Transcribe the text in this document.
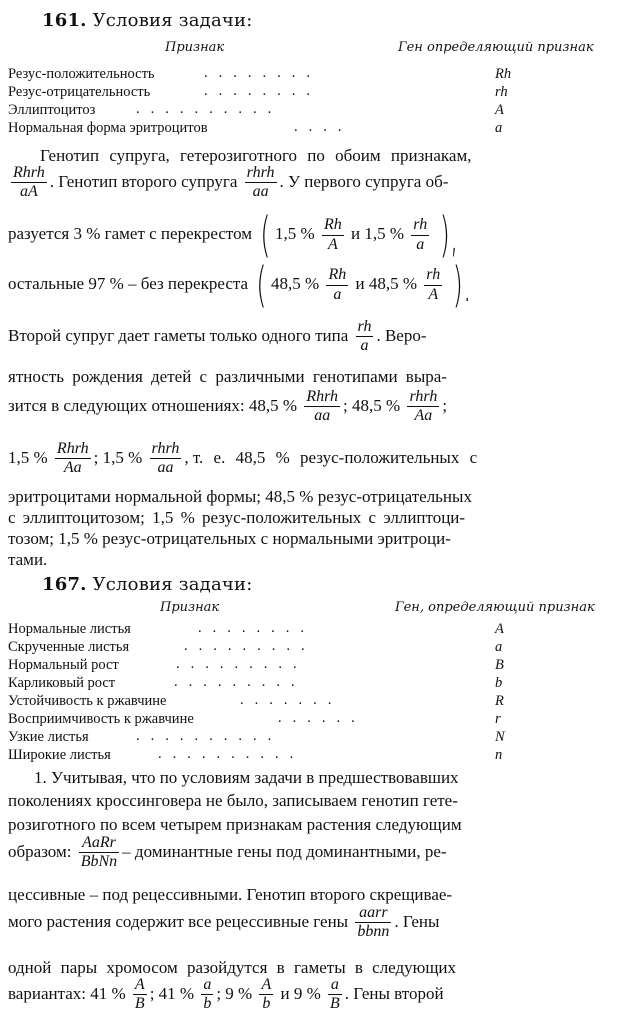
161. Условия задачи:
Признак	Ген определяющий признак
Резус-положительность	........	Rh
Резус-отрицательность	........	rh
Эллиптоцитоз	..........	A
Нормальная форма эритроцитов	....	a
Генотип супруга, гетерозиготного по обоим признакам,
Rhrh
aA
. Генотип второго супруга rhrh
aa
. У первого супруга об-
разуется 3 % гамет с перекрестом ( 1,5 % $\frac{Rh}{A}$ и 1,5 % $\frac{rh}{a}$ ),
остальные 97 % – без перекреста ( 48,5 % $\frac{Rh}{a}$ и 48,5 % $\frac{rh}{A}$ ).
Второй супруг дает гаметы только одного типа $\frac{rh}{a}$ . Веро-
ятность рождения детей с различными генотипами выра-
зится в следующих отношениях: 48,5 % Rhrh
aa
; 48,5 % rhrh
Aa
;
1,5 % Rhrh
Aa
; 1,5 % rhrh
aa
, т. е. 48,5 % резус-положительных с
эритроцитами нормальной формы; 48,5 % резус-отрицательных
с эллиптоцитозом; 1,5 % резус-положительных с эллиптоци-
тозом; 1,5 % резус-отрицательных с нормальными эритроци-
тами.
167. Условия задачи:
Признак	Ген, определяющий признак
Нормальные листья	........	A
Скрученные листья	.........	a
Нормальный рост	.........	B
Карликовый рост	.........	b
Устойчивость к ржавчине	.......	R
Восприимчивость к ржавчине	......	r
Узкие листья	..........	N
Широкие листья	..........	n
1. Учитывая, что по условиям задачи в предшествовавших
поколениях кроссинговера не было, записываем генотип гете-
розиготного по всем четырем признакам растения следующим
образом: AaRr
BbNn
– доминантные гены под доминантными, ре-
цессивные – под рецессивными. Генотип второго скрещивае-
мого растения содержит все рецессивные гены aarr
bbnn
. Гены
одной пары хромосом разойдутся в гаметы в следующих
вариантах: 41 % $\frac{A}{B}$ ; 41 % $\frac{a}{b}$ ; 9 % $\frac{A}{b}$ и 9 % $\frac{a}{B}$ . Гены второй
